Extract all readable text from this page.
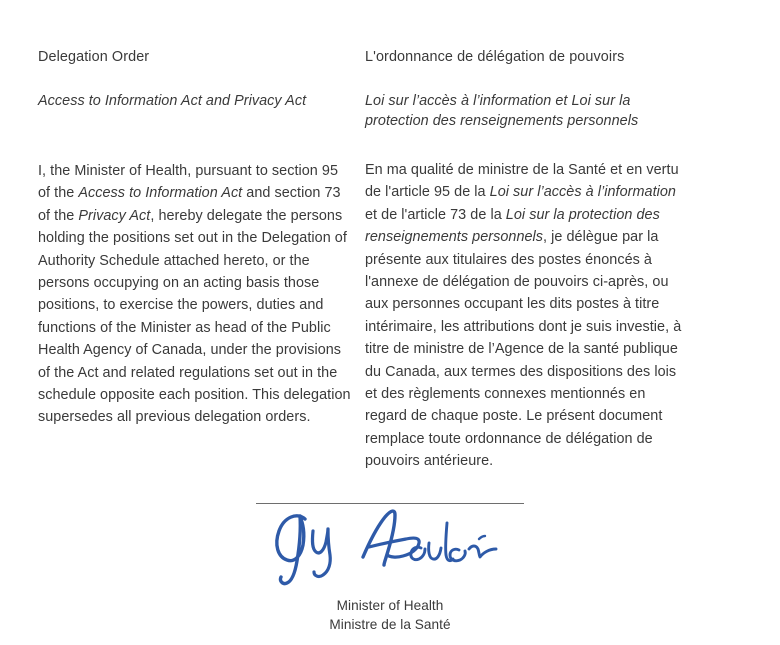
Delegation Order

Access to Information Act and Privacy Act

I, the Minister of Health, pursuant to section 95 of the Access to Information Act and section 73 of the Privacy Act, hereby delegate the persons holding the positions set out in the Delegation of Authority Schedule attached hereto, or the persons occupying on an acting basis those positions, to exercise the powers, duties and functions of the Minister as head of the Public Health Agency of Canada, under the provisions of the Act and related regulations set out in the schedule opposite each position. This delegation supersedes all previous delegation orders.

L'ordonnance de délégation de pouvoirs

Loi sur l’accès à l’information et Loi sur la protection des renseignements personnels

En ma qualité de ministre de la Santé et en vertu de l'article 95 de la Loi sur l’accès à l’information et de l'article 73 de la Loi sur la protection des renseignements personnels, je délègue par la présente aux titulaires des postes énoncés à l'annexe de délégation de pouvoirs ci-après, ou aux personnes occupant les dits postes à titre intérimaire, les attributions dont je suis investie, à titre de ministre de l’Agence de la santé publique du Canada, aux termes des dispositions des lois et des règlements connexes mentionnés en regard de chaque poste. Le présent document remplace toute ordonnance de délégation de pouvoirs antérieure.

Minister of Health
Ministre de la Santé
